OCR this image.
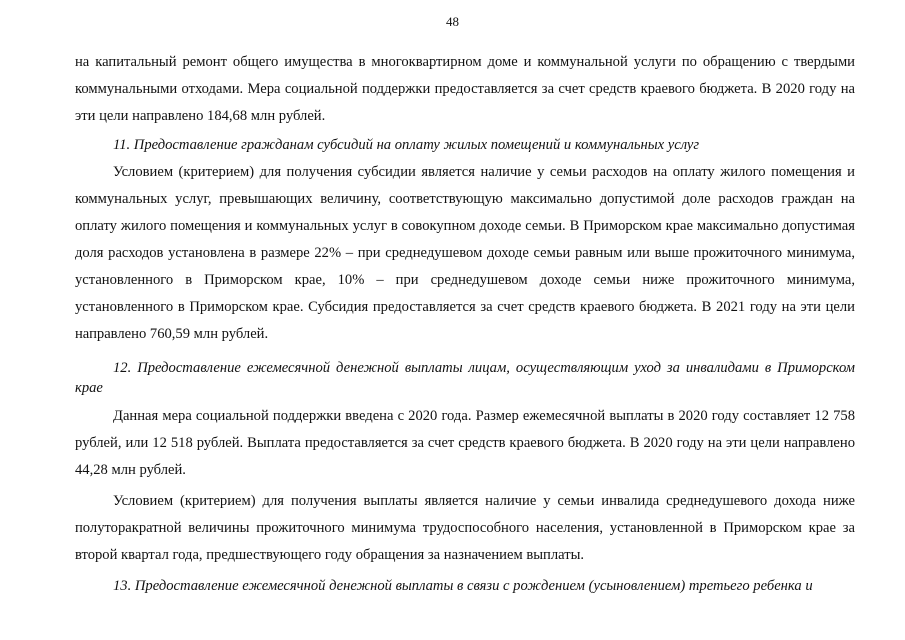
48

на капитальный ремонт общего имущества в многоквартирном доме и коммунальной услуги по обращению с твердыми коммунальными отходами. Мера социальной поддержки предоставляется за счет средств краевого бюджета. В 2020 году на эти цели направлено 184,68 млн рублей.

11. Предоставление гражданам субсидий на оплату жилых помещений и коммунальных услуг

Условием (критерием) для получения субсидии является наличие у семьи расходов на оплату жилого помещения и коммунальных услуг, превышающих величину, соответствующую максимально допустимой доле расходов граждан на оплату жилого помещения и коммунальных услуг в совокупном доходе семьи. В Приморском крае максимально допустимая доля расходов установлена в размере 22% – при среднедушевом доходе семьи равным или выше прожиточного минимума, установленного в Приморском крае, 10% – при среднедушевом доходе семьи ниже прожиточного минимума, установленного в Приморском крае. Субсидия предоставляется за счет средств краевого бюджета. В 2021 году на эти цели направлено 760,59 млн рублей.

12. Предоставление ежемесячной денежной выплаты лицам, осуществляющим уход за инвалидами в Приморском крае

Данная мера социальной поддержки введена с 2020 года. Размер ежемесячной выплаты в 2020 году составляет 12 758 рублей, или 12 518 рублей. Выплата предоставляется за счет средств краевого бюджета. В 2020 году на эти цели направлено 44,28 млн рублей.

Условием (критерием) для получения выплаты является наличие у семьи инвалида среднедушевого дохода ниже полуторакратной величины прожиточного минимума трудоспособного населения, установленной в Приморском крае за второй квартал года, предшествующего году обращения за назначением выплаты.

13. Предоставление ежемесячной денежной выплаты в связи с рождением (усыновлением) третьего ребенка и
